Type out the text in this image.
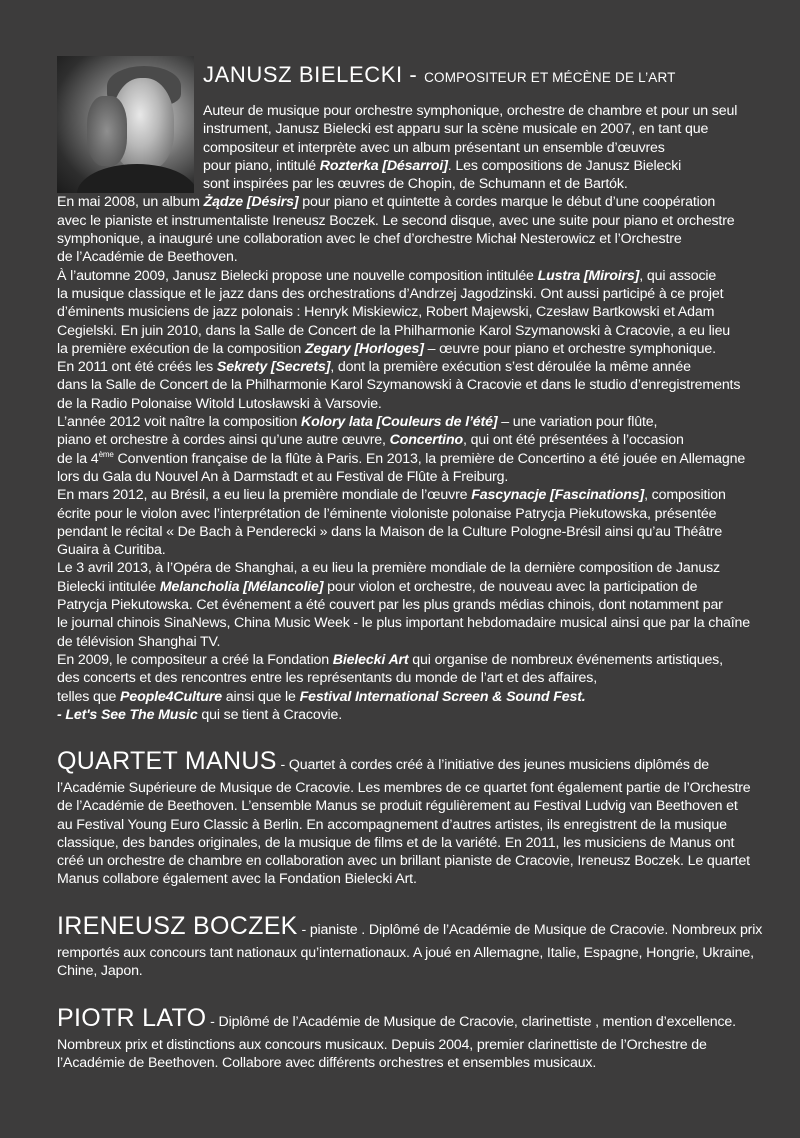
JANUSZ BIELECKI - COMPOSITEUR ET MÉCÈNE DE L’ART
Auteur de musique pour orchestre symphonique, orchestre de chambre et pour un seul
instrument, Janusz Bielecki est apparu sur la scène musicale en 2007, en tant que
compositeur et interprète avec un album présentant un ensemble d’œuvres
pour piano, intitulé Rozterka [Désarroi]. Les compositions de Janusz Bielecki
sont inspirées par les œuvres de Chopin, de Schumann et de Bartók.
En mai 2008, un album Żądze [Désirs] pour piano et quintette à cordes marque le début d’une coopération
avec le pianiste et instrumentaliste Ireneusz Boczek. Le second disque, avec une suite pour piano et orchestre
symphonique, a inauguré une collaboration avec le chef d’orchestre Michał Nesterowicz et l’Orchestre
de l’Académie de Beethoven.
À l’automne 2009, Janusz Bielecki propose une nouvelle composition intitulée Lustra [Miroirs], qui associe
la musique classique et le jazz dans des orchestrations d’Andrzej Jagodzinski. Ont aussi participé à ce projet
d’éminents musiciens de jazz polonais : Henryk Miskiewicz, Robert Majewski, Czesław Bartkowski et Adam
Cegielski. En juin 2010, dans la Salle de Concert de la Philharmonie Karol Szymanowski à Cracovie, a eu lieu
la première exécution de la composition Zegary [Horloges] – œuvre pour piano et orchestre symphonique.
En 2011 ont été créés les Sekrety [Secrets], dont la première exécution s’est déroulée la même année
dans la Salle de Concert de la Philharmonie Karol Szymanowski à Cracovie et dans le studio d’enregistrements
de la Radio Polonaise Witold Lutosławski à Varsovie.
L’année 2012 voit naître la composition Kolory lata [Couleurs de l’été] – une variation pour flûte,
piano et orchestre à cordes ainsi qu’une autre œuvre, Concertino, qui ont été présentées à l’occasion
de la 4ème Convention française de la flûte à Paris. En 2013, la première de Concertino a été jouée en Allemagne
lors du Gala du Nouvel An à Darmstadt et au Festival de Flûte à Freiburg.
En mars 2012, au Brésil, a eu lieu la première mondiale de l’œuvre Fascynacje [Fascinations], composition
écrite pour le violon avec l’interprétation de l’éminente violoniste polonaise Patrycja Piekutowska, présentée
pendant le récital « De Bach à Penderecki » dans la Maison de la Culture Pologne-Brésil ainsi qu’au Théâtre
Guaira à Curitiba.
Le 3 avril 2013, à l’Opéra de Shanghai, a eu lieu la première mondiale de la dernière composition de Janusz
Bielecki intitulée Melancholia [Mélancolie] pour violon et orchestre, de nouveau avec la participation de
Patrycja Piekutowska. Cet événement a été couvert par les plus grands médias chinois, dont notamment par
le journal chinois SinaNews, China Music Week - le plus important hebdomadaire musical ainsi que par la chaîne
de télévision Shanghai TV.
En 2009, le compositeur a créé la Fondation Bielecki Art qui organise de nombreux événements artistiques,
des concerts et des rencontres entre les représentants du monde de l’art et des affaires,
telles que People4Culture ainsi que le Festival International Screen & Sound Fest.
- Let's See The Music qui se tient à Cracovie.
QUARTET MANUS - Quartet à cordes créé à l’initiative des jeunes musiciens diplômés de
l’Académie Supérieure de Musique de Cracovie. Les membres de ce quartet font également partie de l’Orchestre
de l’Académie de Beethoven. L’ensemble Manus se produit régulièrement au Festival Ludvig van Beethoven et
au Festival Young Euro Classic à Berlin. En accompagnement d’autres artistes, ils enregistrent de la musique
classique, des bandes originales, de la musique de films et de la variété. En 2011, les musiciens de Manus ont
créé un orchestre de chambre en collaboration avec un brillant pianiste de Cracovie, Ireneusz Boczek. Le quartet
Manus collabore également avec la Fondation Bielecki Art.
IRENEUSZ BOCZEK - pianiste . Diplômé de l’Académie de Musique de Cracovie. Nombreux prix
remportés aux concours tant nationaux qu’internationaux. A joué en Allemagne, Italie, Espagne, Hongrie, Ukraine,
Chine, Japon.
PIOTR LATO - Diplômé de l’Académie de Musique de Cracovie, clarinettiste , mention d’excellence.
Nombreux prix et distinctions aux concours musicaux. Depuis 2004, premier clarinettiste de l’Orchestre de
l’Académie de Beethoven. Collabore avec différents orchestres et ensembles musicaux.
